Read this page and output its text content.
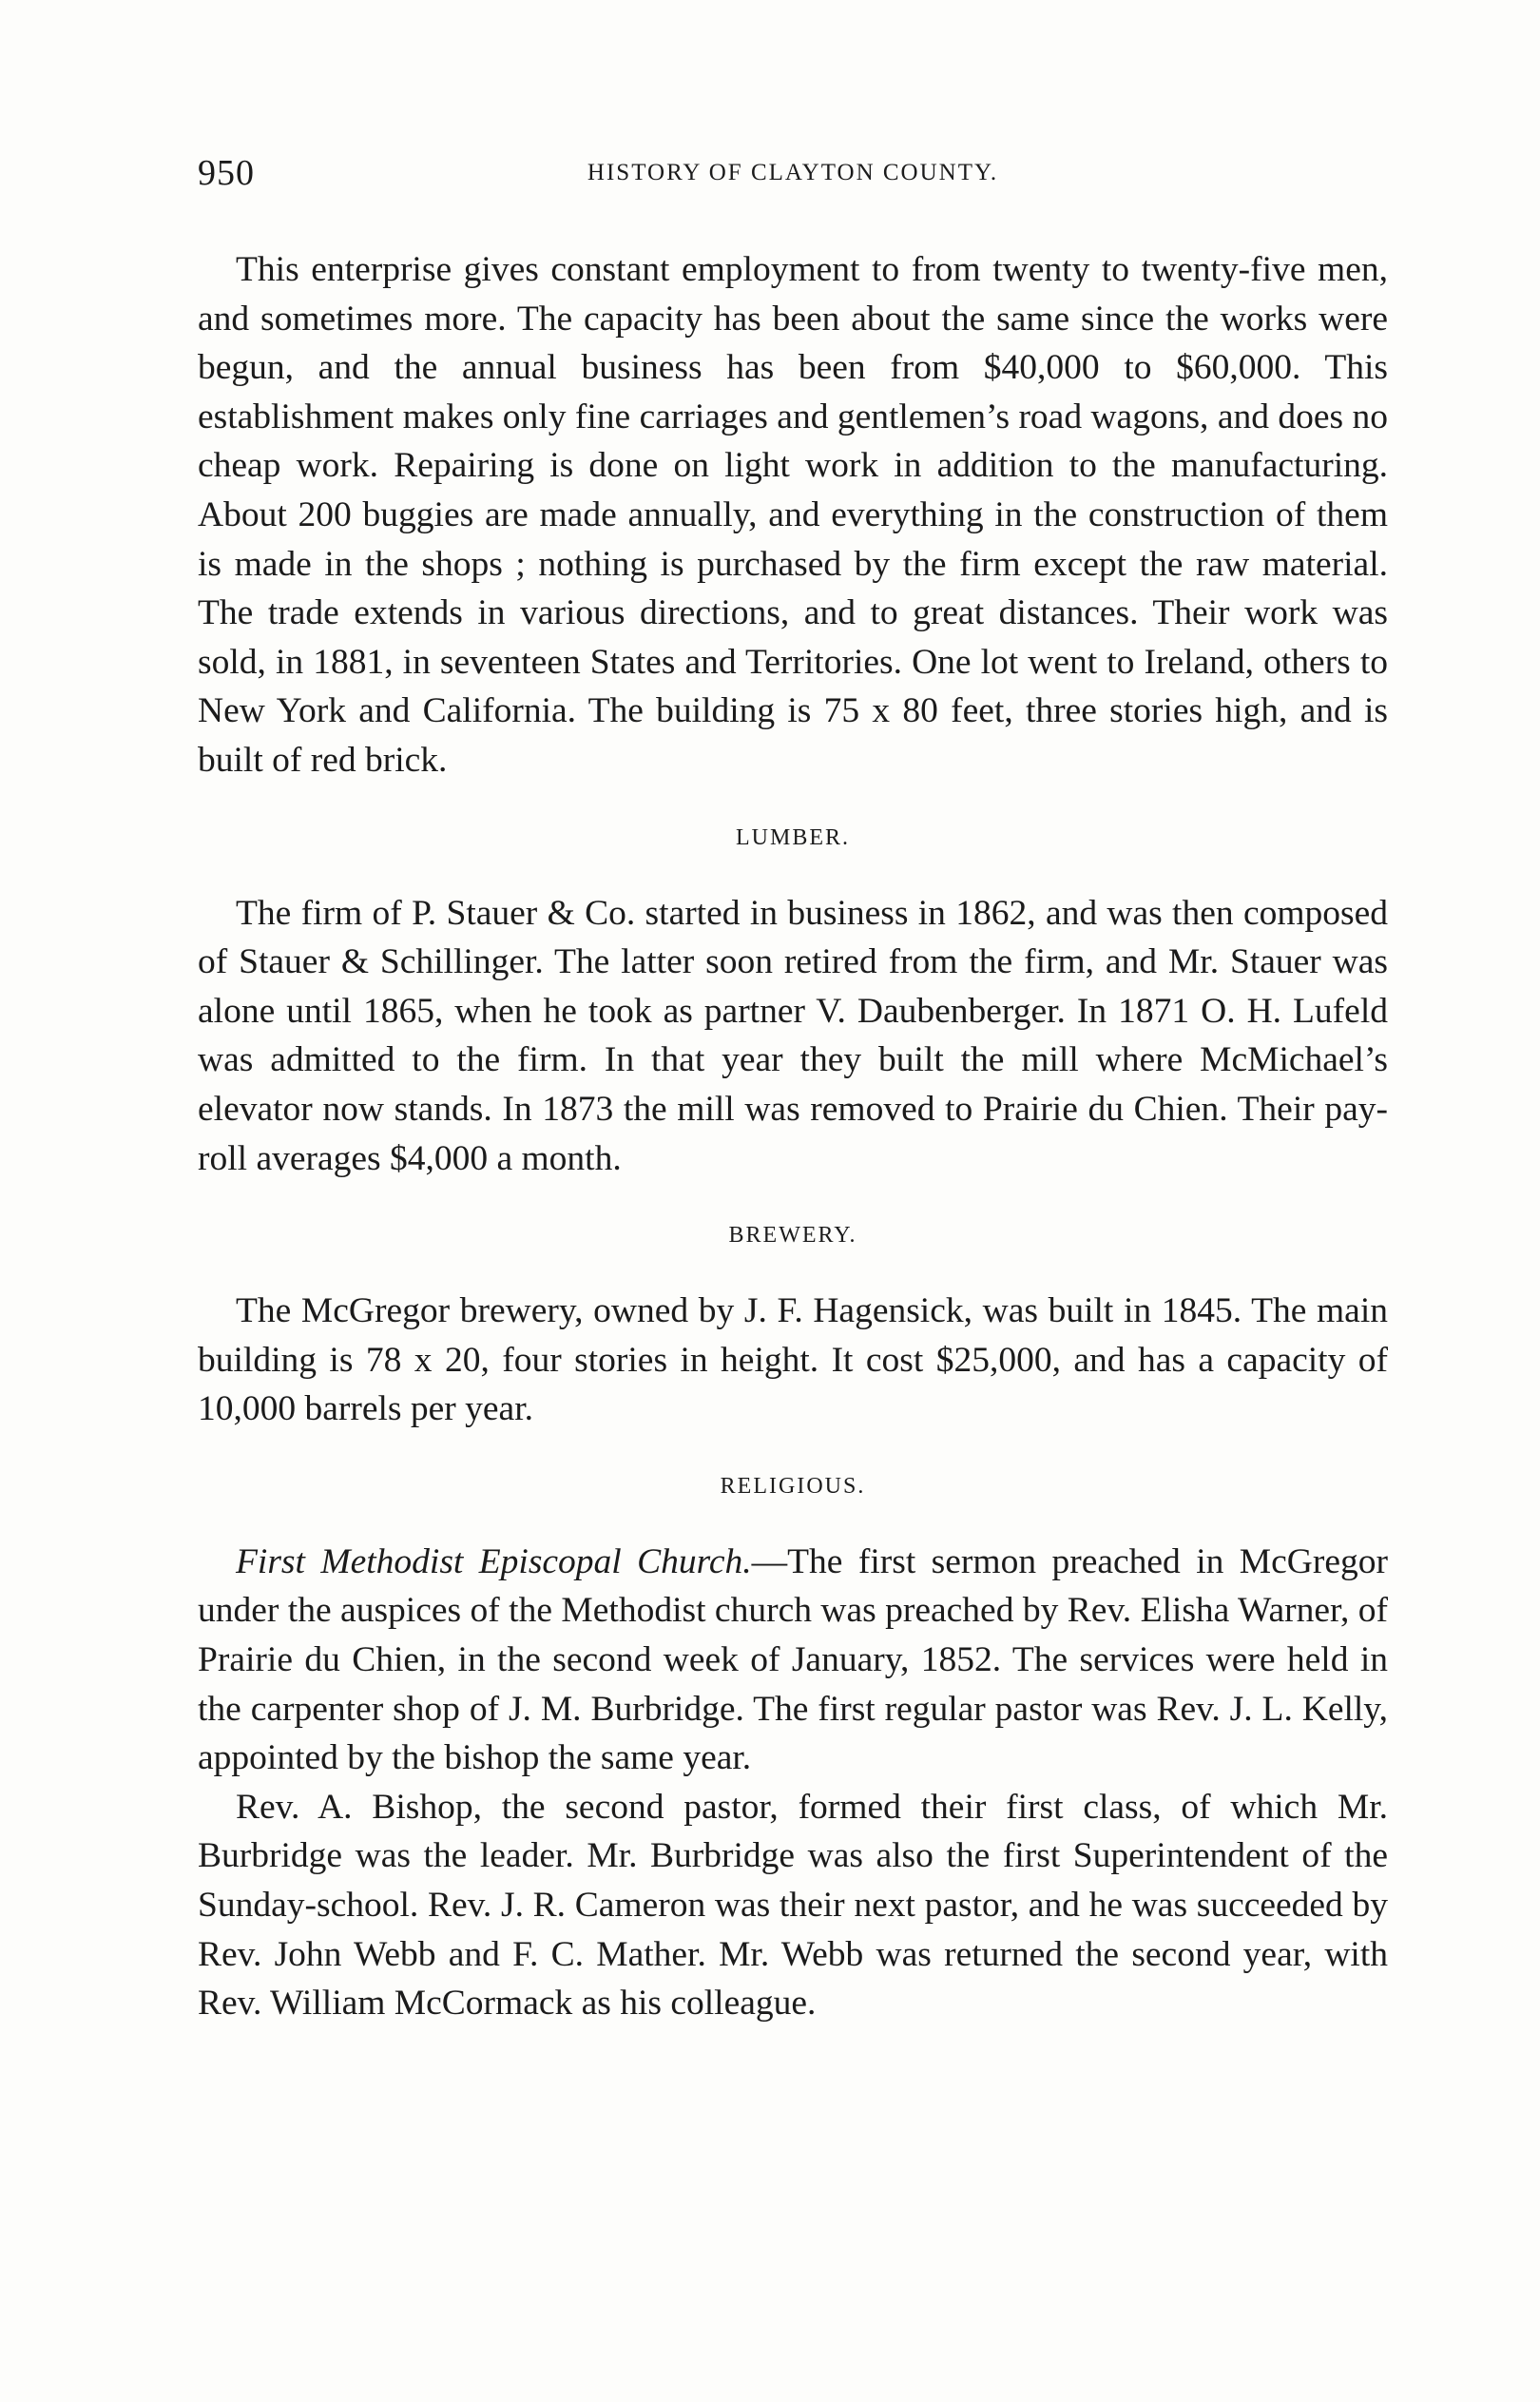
950	HISTORY OF CLAYTON COUNTY.

This enterprise gives constant employment to from twenty to twenty-five men, and sometimes more. The capacity has been about the same since the works were begun, and the annual business has been from $40,000 to $60,000. This establishment makes only fine carriages and gentlemen’s road wagons, and does no cheap work. Repairing is done on light work in addition to the manufacturing. About 200 buggies are made annually, and everything in the construction of them is made in the shops ; nothing is purchased by the firm except the raw material. The trade extends in various directions, and to great distances. Their work was sold, in 1881, in seventeen States and Territories. One lot went to Ireland, others to New York and California. The building is 75 x 80 feet, three stories high, and is built of red brick.

LUMBER.

The firm of P. Stauer & Co. started in business in 1862, and was then composed of Stauer & Schillinger. The latter soon retired from the firm, and Mr. Stauer was alone until 1865, when he took as partner V. Daubenberger. In 1871 O. H. Lufeld was admitted to the firm. In that year they built the mill where McMichael’s elevator now stands. In 1873 the mill was removed to Prairie du Chien. Their pay-roll averages $4,000 a month.

BREWERY.

The McGregor brewery, owned by J. F. Hagensick, was built in 1845. The main building is 78 x 20, four stories in height. It cost $25,000, and has a capacity of 10,000 barrels per year.

RELIGIOUS.

First Methodist Episcopal Church.—The first sermon preached in McGregor under the auspices of the Methodist church was preached by Rev. Elisha Warner, of Prairie du Chien, in the second week of January, 1852. The services were held in the carpenter shop of J. M. Burbridge. The first regular pastor was Rev. J. L. Kelly, appointed by the bishop the same year.

Rev. A. Bishop, the second pastor, formed their first class, of which Mr. Burbridge was the leader. Mr. Burbridge was also the first Superintendent of the Sunday-school. Rev. J. R. Cameron was their next pastor, and he was succeeded by Rev. John Webb and F. C. Mather. Mr. Webb was returned the second year, with Rev. William McCormack as his colleague.
